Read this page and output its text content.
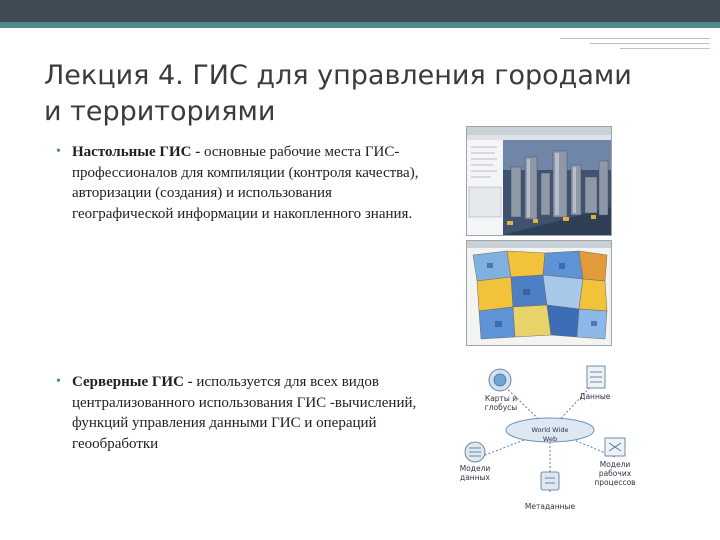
Лекция 4. ГИС для управления городами
и территориями
• Настольные ГИС - основные рабочие места ГИС-профессионалов для компиляции (контроля качества), авторизации (создания) и использования географической информации и накопленного знания.
• Серверные ГИС - используется для всех видов централизованного использования ГИС -вычислений, функций управления данными ГИС и операций геообработки
World Wide Web
Карты и глобусы
Данные
Модели данных
Модели рабочих процессов
Метаданные
